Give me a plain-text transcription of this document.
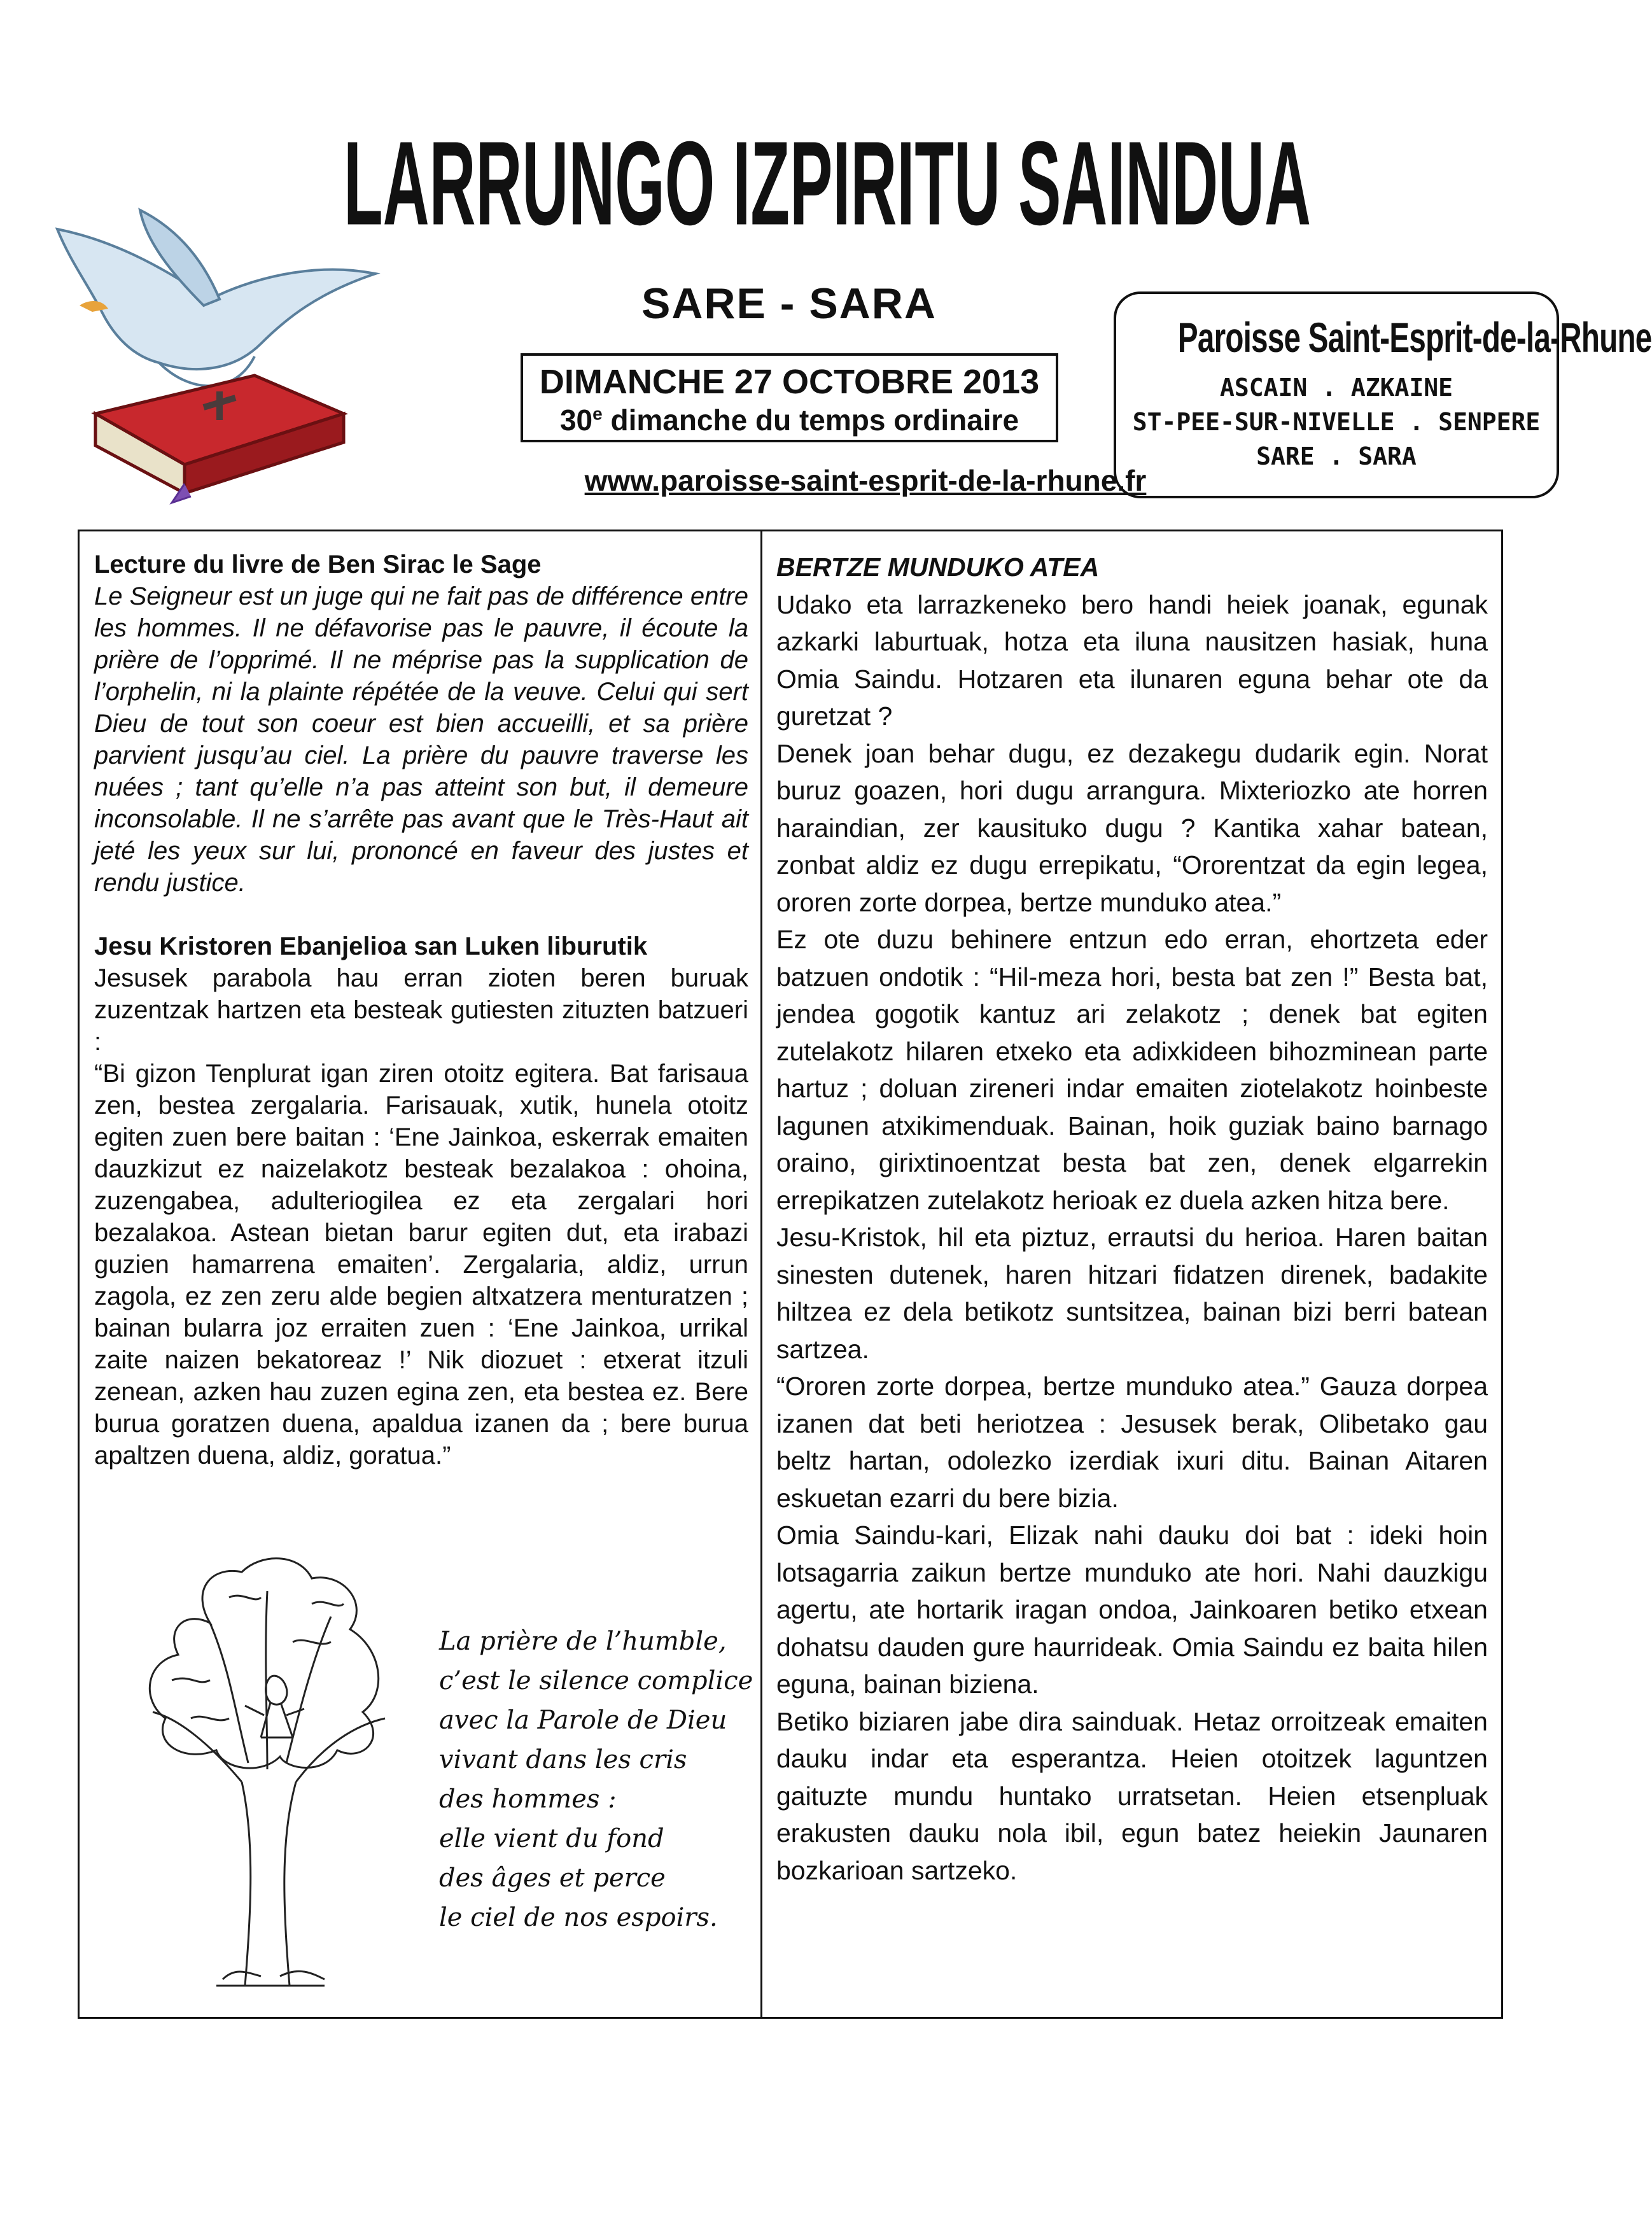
LARRUNGO IZPIRITU SAINDUA
SARE - SARA
DIMANCHE 27 OCTOBRE 2013
30e dimanche du temps ordinaire
www.paroisse-saint-esprit-de-la-rhune.fr
Paroisse Saint-Esprit-de-la-Rhune
ASCAIN . AZKAINE
ST-PEE-SUR-NIVELLE . SENPERE
SARE . SARA

Lecture du livre de Ben Sirac le Sage

Le Seigneur est un juge qui ne fait pas de différence entre les hommes. Il ne défavorise pas le pauvre, il écoute la prière de l’opprimé. Il ne méprise pas la supplication de l’orphelin, ni la plainte répétée de la veuve. Celui qui sert Dieu de tout son coeur est bien accueilli, et sa prière parvient jusqu’au ciel. La prière du pauvre traverse les nuées ; tant qu’elle n’a pas atteint son but, il demeure inconsolable. Il ne s’arrête pas avant que le Très-Haut ait jeté les yeux sur lui, prononcé en faveur des justes et rendu justice.

Jesu Kristoren Ebanjelioa san Luken liburutik

Jesusek parabola hau erran zioten beren buruak zuzentzak hartzen eta besteak gutiesten zituzten batzueri :

“Bi gizon Tenplurat igan ziren otoitz egitera. Bat farisaua zen, bestea zergalaria. Farisauak, xutik, hunela otoitz egiten zuen bere baitan : ‘Ene Jainkoa, eskerrak emaiten dauzkizut ez naizelakotz besteak bezalakoa : ohoina, zuzengabea, adulteriogilea ez eta zergalari hori bezalakoa. Astean bietan barur egiten dut, eta irabazi guzien hamarrena emaiten’. Zergalaria, aldiz, urrun zagola, ez zen zeru alde begien altxatzera menturatzen ; bainan bularra joz erraiten zuen : ‘Ene Jainkoa, urrikal zaite naizen bekatoreaz !’ Nik diozuet : etxerat itzuli zenean, azken hau zuzen egina zen, eta bestea ez. Bere burua goratzen duena, apaldua izanen da ; bere burua apaltzen duena, aldiz, goratua.”

La prière de l’humble,
c’est le silence complice
avec la Parole de Dieu
vivant dans les cris
des hommes :
elle vient du fond
des âges et perce
le ciel de nos espoirs.

BERTZE MUNDUKO ATEA

Udako eta larrazkeneko bero handi heiek joanak, egunak azkarki laburtuak, hotza eta iluna nausitzen hasiak, huna Omia Saindu. Hotzaren eta ilunaren eguna behar ote da guretzat ?

Denek joan behar dugu, ez dezakegu dudarik egin. Norat buruz goazen, hori dugu arrangura. Mixteriozko ate horren haraindian, zer kausituko dugu ? Kantika xahar batean, zonbat aldiz ez dugu errepikatu, “Ororentzat da egin legea, ororen zorte dorpea, bertze munduko atea.”

Ez ote duzu behinere entzun edo erran, ehortzeta eder batzuen ondotik : “Hil-meza hori, besta bat zen !” Besta bat, jendea gogotik kantuz ari zelakotz ; denek bat egiten zutelakotz hilaren etxeko eta adixkideen bihozminean parte hartuz ; doluan zireneri indar emaiten ziotelakotz hoinbeste lagunen atxikimenduak. Bainan, hoik guziak baino barnago oraino, girixtinoentzat besta bat zen, denek elgarrekin errepikatzen zutelakotz herioak ez duela azken hitza bere.

Jesu-Kristok, hil eta piztuz, errautsi du herioa. Haren baitan sinesten dutenek, haren hitzari fidatzen direnek, badakite hiltzea ez dela betikotz suntsitzea, bainan bizi berri batean sartzea.

“Ororen zorte dorpea, bertze munduko atea.” Gauza dorpea izanen dat beti heriotzea : Jesusek berak, Olibetako gau beltz hartan, odolezko izerdiak ixuri ditu. Bainan Aitaren eskuetan ezarri du bere bizia.

Omia Saindu-kari, Elizak nahi dauku doi bat : ideki hoin lotsagarria zaikun bertze munduko ate hori. Nahi dauzkigu agertu, ate hortarik iragan ondoa, Jainkoaren betiko etxean dohatsu dauden gure haurrideak. Omia Saindu ez baita hilen eguna, bainan biziena.

Betiko biziaren jabe dira sainduak. Hetaz orroitzeak emaiten dauku indar eta esperantza. Heien otoitzek laguntzen gaituzte mundu huntako urratsetan. Heien etsenpluak erakusten dauku nola ibil, egun batez heiekin Jaunaren bozkarioan sartzeko.
